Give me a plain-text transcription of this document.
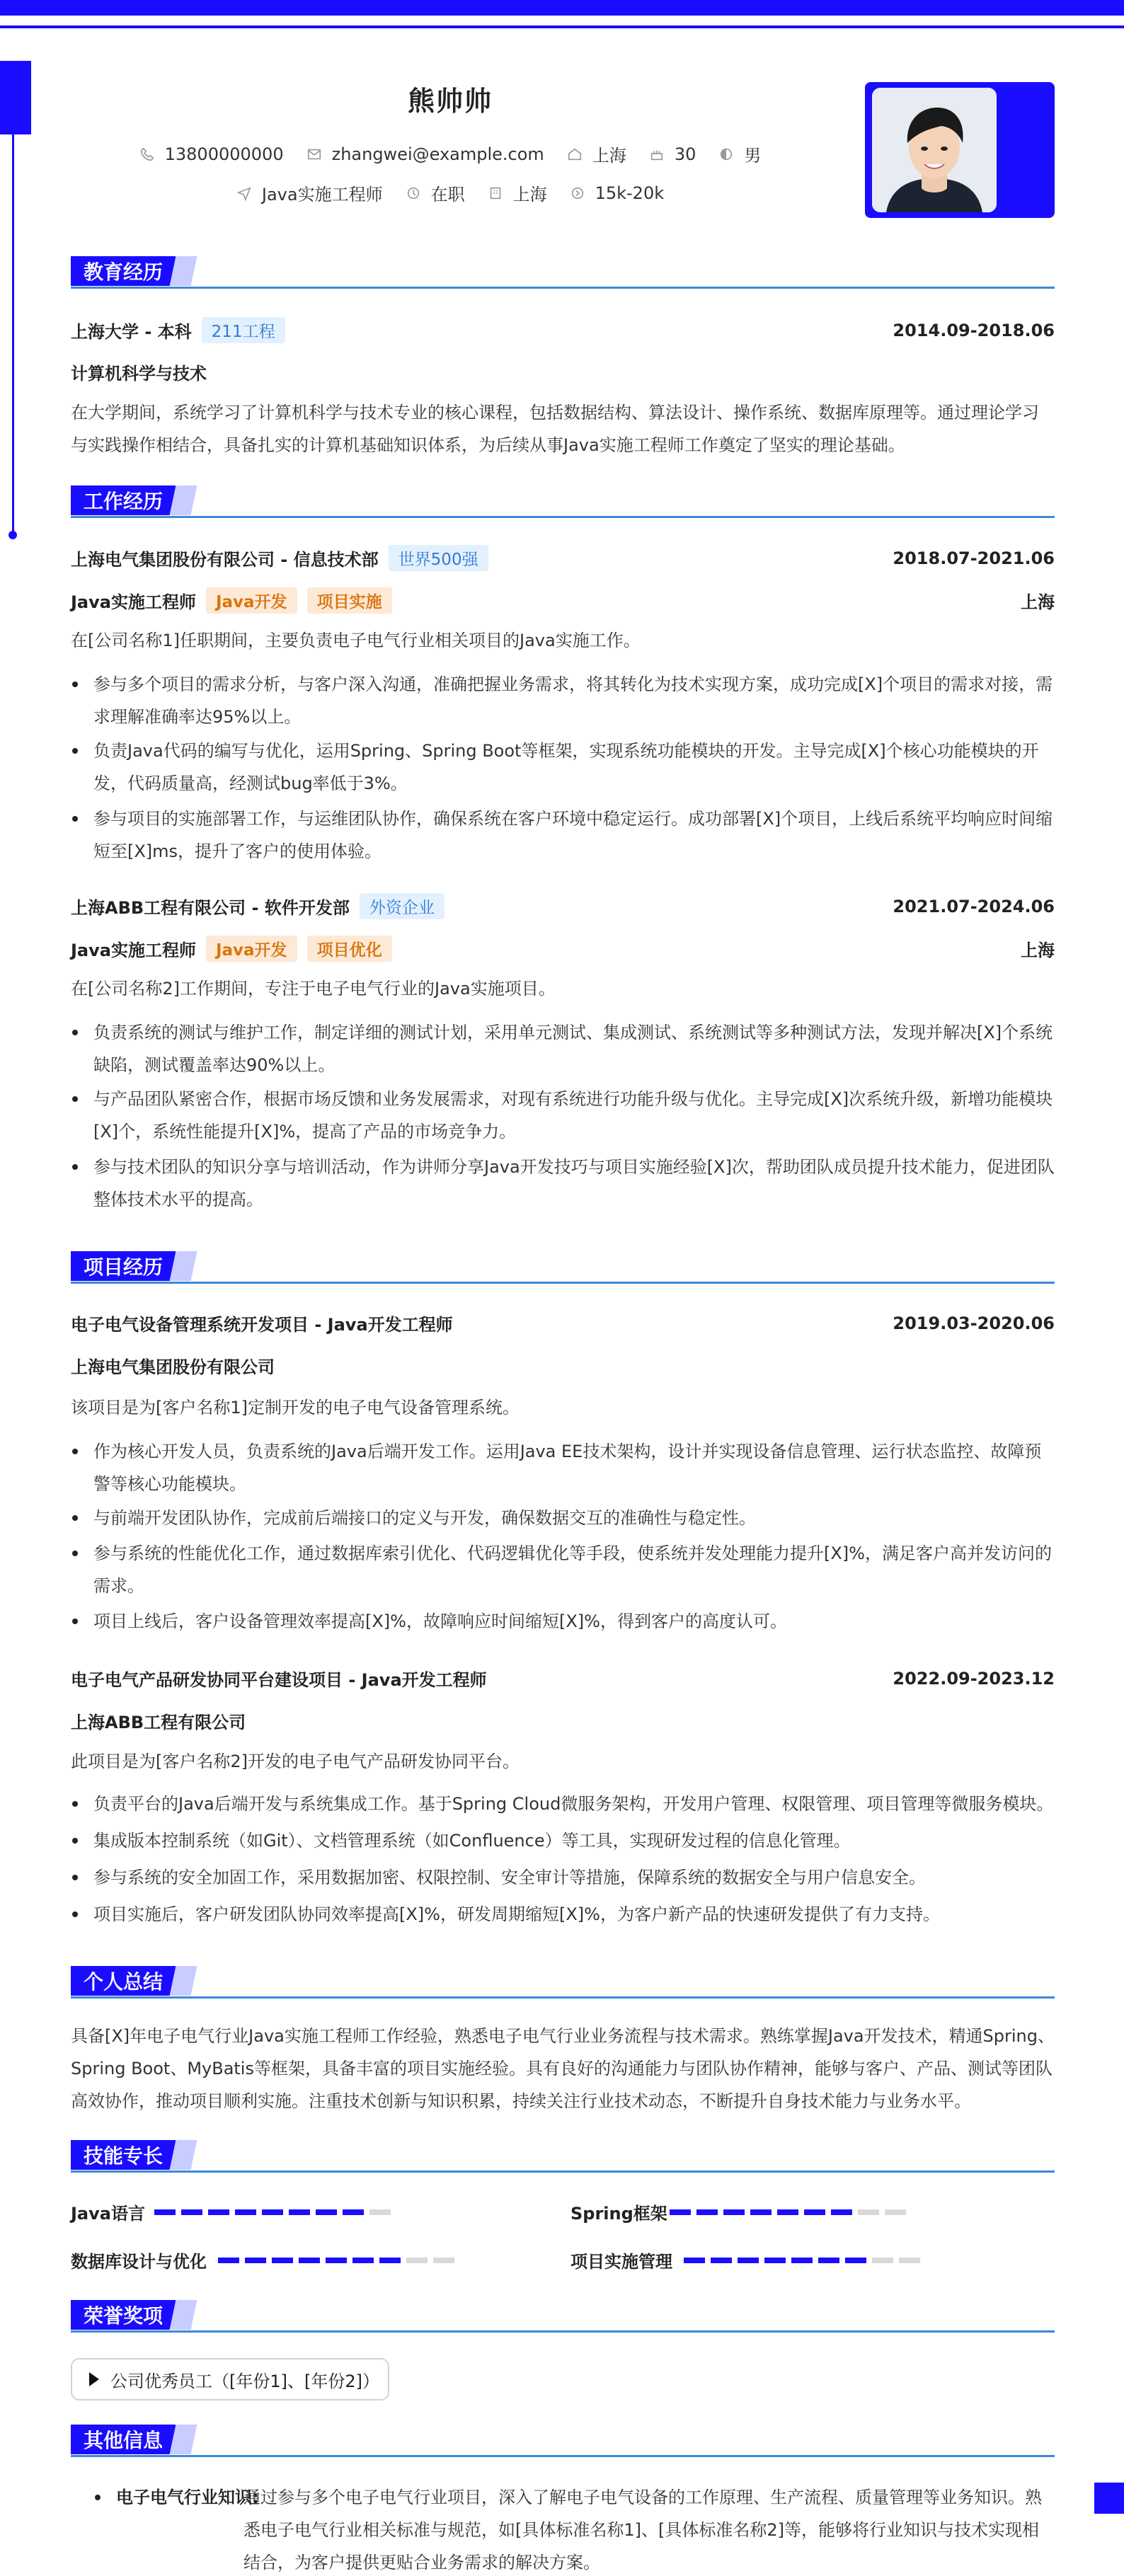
熊帅帅
13800000000	zhangwei@example.com	上海	30	男
Java实施工程师	在职	上海	15k-20k
教育经历
上海大学 - 本科	211工程	2014.09-2018.06
计算机科学与技术
在大学期间，系统学习了计算机科学与技术专业的核心课程，包括数据结构、算法设计、操作系统、数据库原理等。通过理论学习与实践操作相结合，具备扎实的计算机基础知识体系，为后续从事Java实施工程师工作奠定了坚实的理论基础。
工作经历
上海电气集团股份有限公司 - 信息技术部	世界500强	2018.07-2021.06
Java实施工程师	Java开发	项目实施	上海
在[公司名称1]任职期间，主要负责电子电气行业相关项目的Java实施工作。
参与多个项目的需求分析，与客户深入沟通，准确把握业务需求，将其转化为技术实现方案，成功完成[X]个项目的需求对接，需求理解准确率达95%以上。
负责Java代码的编写与优化，运用Spring、Spring Boot等框架，实现系统功能模块的开发。主导完成[X]个核心功能模块的开发，代码质量高，经测试bug率低于3%。
参与项目的实施部署工作，与运维团队协作，确保系统在客户环境中稳定运行。成功部署[X]个项目，上线后系统平均响应时间缩短至[X]ms，提升了客户的使用体验。
上海ABB工程有限公司 - 软件开发部	外资企业	2021.07-2024.06
Java实施工程师	Java开发	项目优化	上海
在[公司名称2]工作期间，专注于电子电气行业的Java实施项目。
负责系统的测试与维护工作，制定详细的测试计划，采用单元测试、集成测试、系统测试等多种测试方法，发现并解决[X]个系统缺陷，测试覆盖率达90%以上。
与产品团队紧密合作，根据市场反馈和业务发展需求，对现有系统进行功能升级与优化。主导完成[X]次系统升级，新增功能模块[X]个，系统性能提升[X]%，提高了产品的市场竞争力。
参与技术团队的知识分享与培训活动，作为讲师分享Java开发技巧与项目实施经验[X]次，帮助团队成员提升技术能力，促进团队整体技术水平的提高。
项目经历
电子电气设备管理系统开发项目 - Java开发工程师	2019.03-2020.06
上海电气集团股份有限公司
该项目是为[客户名称1]定制开发的电子电气设备管理系统。
作为核心开发人员，负责系统的Java后端开发工作。运用Java EE技术架构，设计并实现设备信息管理、运行状态监控、故障预警等核心功能模块。
与前端开发团队协作，完成前后端接口的定义与开发，确保数据交互的准确性与稳定性。
参与系统的性能优化工作，通过数据库索引优化、代码逻辑优化等手段，使系统并发处理能力提升[X]%，满足客户高并发访问的需求。
项目上线后，客户设备管理效率提高[X]%，故障响应时间缩短[X]%，得到客户的高度认可。
电子电气产品研发协同平台建设项目 - Java开发工程师	2022.09-2023.12
上海ABB工程有限公司
此项目是为[客户名称2]开发的电子电气产品研发协同平台。
负责平台的Java后端开发与系统集成工作。基于Spring Cloud微服务架构，开发用户管理、权限管理、项目管理等微服务模块。
集成版本控制系统（如Git）、文档管理系统（如Confluence）等工具，实现研发过程的信息化管理。
参与系统的安全加固工作，采用数据加密、权限控制、安全审计等措施，保障系统的数据安全与用户信息安全。
项目实施后，客户研发团队协同效率提高[X]%，研发周期缩短[X]%，为客户新产品的快速研发提供了有力支持。
个人总结
具备[X]年电子电气行业Java实施工程师工作经验，熟悉电子电气行业业务流程与技术需求。熟练掌握Java开发技术，精通Spring、Spring Boot、MyBatis等框架，具备丰富的项目实施经验。具有良好的沟通能力与团队协作精神，能够与客户、产品、测试等团队高效协作，推动项目顺利实施。注重技术创新与知识积累，持续关注行业技术动态，不断提升自身技术能力与业务水平。
技能专长
Java语言	Spring框架
数据库设计与优化	项目实施管理
荣誉奖项
公司优秀员工（[年份1]、[年份2]）
其他信息
电子电气行业知识:
通过参与多个电子电气行业项目，深入了解电子电气设备的工作原理、生产流程、质量管理等业务知识。熟悉电子电气行业相关标准与规范，如[具体标准名称1]、[具体标准名称2]等，能够将行业知识与技术实现相结合，为客户提供更贴合业务需求的解决方案。
